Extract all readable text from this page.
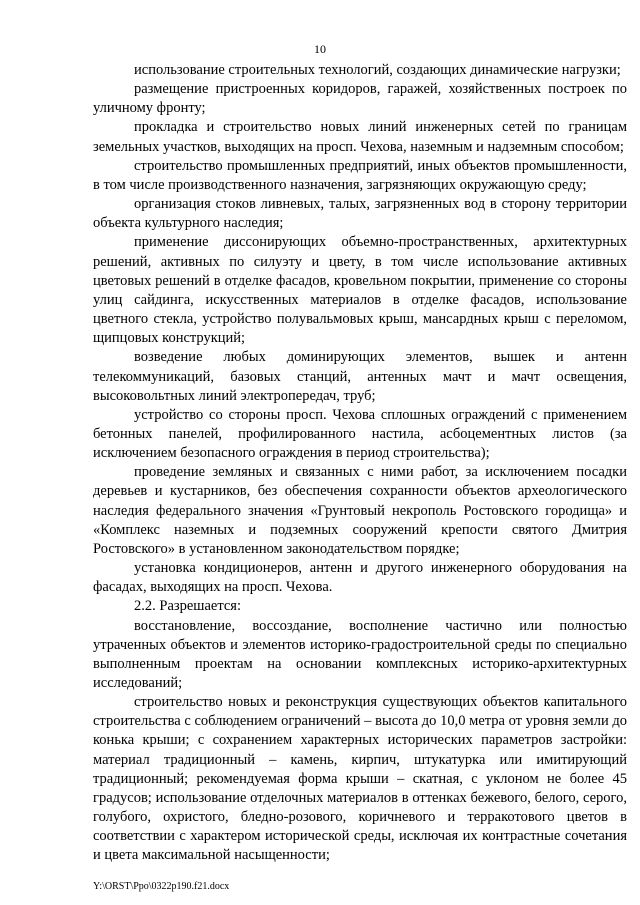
10

использование строительных технологий, создающих динамические нагрузки;

размещение пристроенных коридоров, гаражей, хозяйственных построек по уличному фронту;

прокладка и строительство новых линий инженерных сетей по границам земельных участков, выходящих на просп. Чехова, наземным и надземным способом;

строительство промышленных предприятий, иных объектов промышленности, в том числе производственного назначения, загрязняющих окружающую среду;

организация стоков ливневых, талых, загрязненных вод в сторону территории объекта культурного наследия;

применение диссонирующих объемно-пространственных, архитектурных решений, активных по силуэту и цвету, в том числе использование активных цветовых решений в отделке фасадов, кровельном покрытии, применение со стороны улиц сайдинга, искусственных материалов в отделке фасадов, использование цветного стекла, устройство полувальмовых крыш, мансардных крыш с переломом, щипцовых конструкций;

возведение любых доминирующих элементов, вышек и антенн телекоммуникаций, базовых станций, антенных мачт и мачт освещения, высоковольтных линий электропередач, труб;

устройство со стороны просп. Чехова сплошных ограждений с применением бетонных панелей, профилированного настила, асбоцементных листов (за исключением безопасного ограждения в период строительства);

проведение земляных и связанных с ними работ, за исключением посадки деревьев и кустарников, без обеспечения сохранности объектов археологического наследия федерального значения «Грунтовый некрополь Ростовского городища» и «Комплекс наземных и подземных сооружений крепости святого Дмитрия Ростовского» в установленном законодательством порядке;

установка кондиционеров, антенн и другого инженерного оборудования на фасадах, выходящих на просп. Чехова.

2.2. Разрешается:

восстановление, воссоздание, восполнение частично или полностью утраченных объектов и элементов историко-градостроительной среды по специально выполненным проектам на основании комплексных историко-архитектурных исследований;

строительство новых и реконструкция существующих объектов капитального строительства с соблюдением ограничений – высота до 10,0 метра от уровня земли до конька крыши; с сохранением характерных исторических параметров застройки: материал традиционный – камень, кирпич, штукатурка или имитирующий традиционный; рекомендуемая форма крыши – скатная, с уклоном не более 45 градусов; использование отделочных материалов в оттенках бежевого, белого, серого, голубого, охристого, бледно-розового, коричневого и терракотового цветов в соответствии с характером исторической среды, исключая их контрастные сочетания и цвета максимальной насыщенности;

Y:\ORST\Ppo\0322p190.f21.docx
